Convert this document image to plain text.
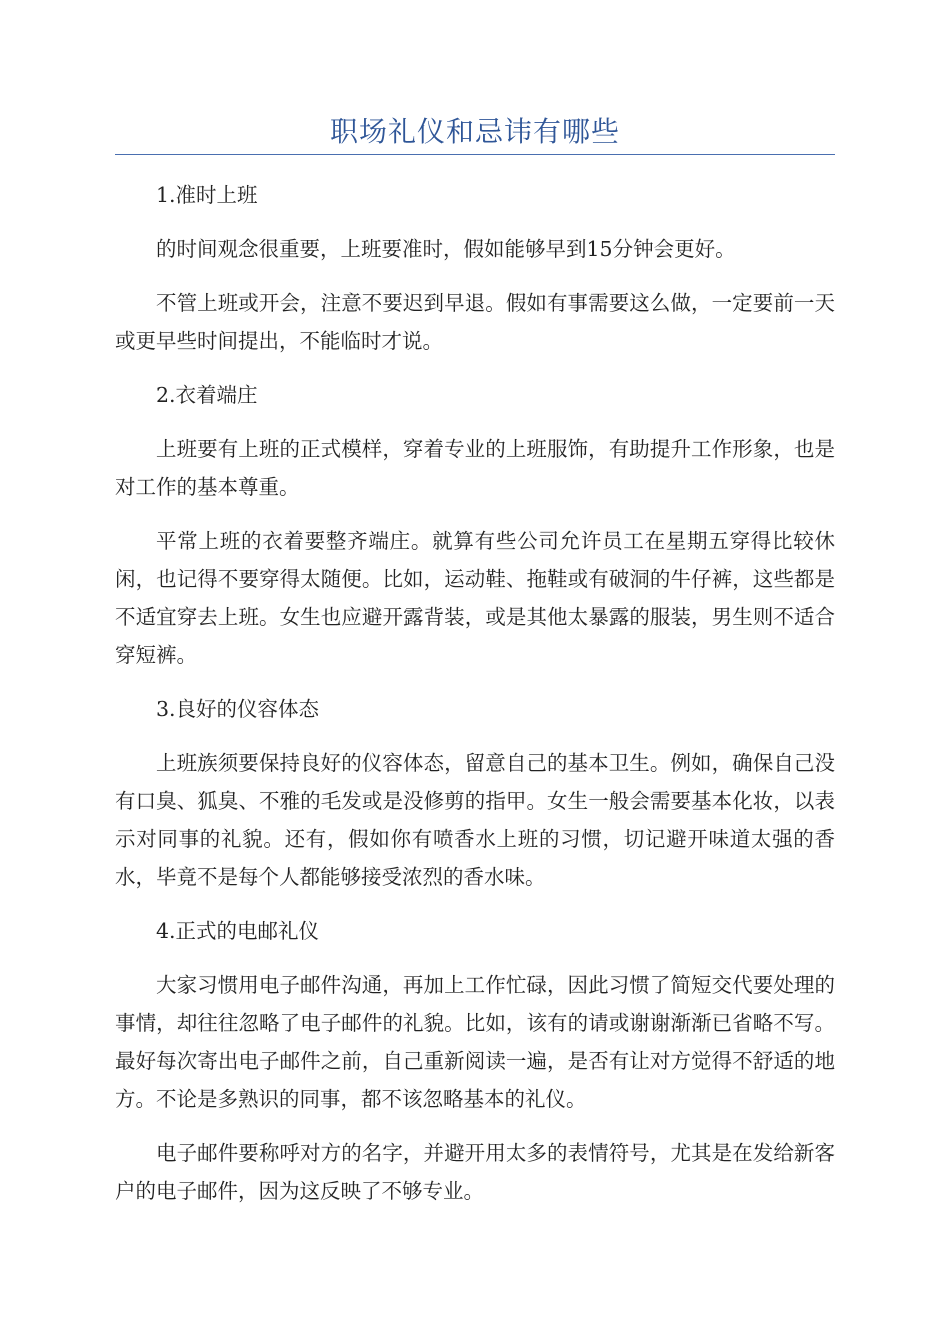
职场礼仪和忌讳有哪些

1.准时上班

的时间观念很重要，上班要准时，假如能够早到15分钟会更好。

不管上班或开会，注意不要迟到早退。假如有事需要这么做，一定要前一天或更早些时间提出，不能临时才说。

2.衣着端庄

上班要有上班的正式模样，穿着专业的上班服饰，有助提升工作形象，也是对工作的基本尊重。

平常上班的衣着要整齐端庄。就算有些公司允许员工在星期五穿得比较休闲，也记得不要穿得太随便。比如，运动鞋、拖鞋或有破洞的牛仔裤，这些都是不适宜穿去上班。女生也应避开露背装，或是其他太暴露的服装，男生则不适合穿短裤。

3.良好的仪容体态

上班族须要保持良好的仪容体态，留意自己的基本卫生。例如，确保自己没有口臭、狐臭、不雅的毛发或是没修剪的指甲。女生一般会需要基本化妆，以表示对同事的礼貌。还有，假如你有喷香水上班的习惯，切记避开味道太强的香水，毕竟不是每个人都能够接受浓烈的香水味。

4.正式的电邮礼仪

大家习惯用电子邮件沟通，再加上工作忙碌，因此习惯了简短交代要处理的事情，却往往忽略了电子邮件的礼貌。比如，该有的请或谢谢渐渐已省略不写。最好每次寄出电子邮件之前，自己重新阅读一遍，是否有让对方觉得不舒适的地方。不论是多熟识的同事，都不该忽略基本的礼仪。

电子邮件要称呼对方的名字，并避开用太多的表情符号，尤其是在发给新客户的电子邮件，因为这反映了不够专业。
